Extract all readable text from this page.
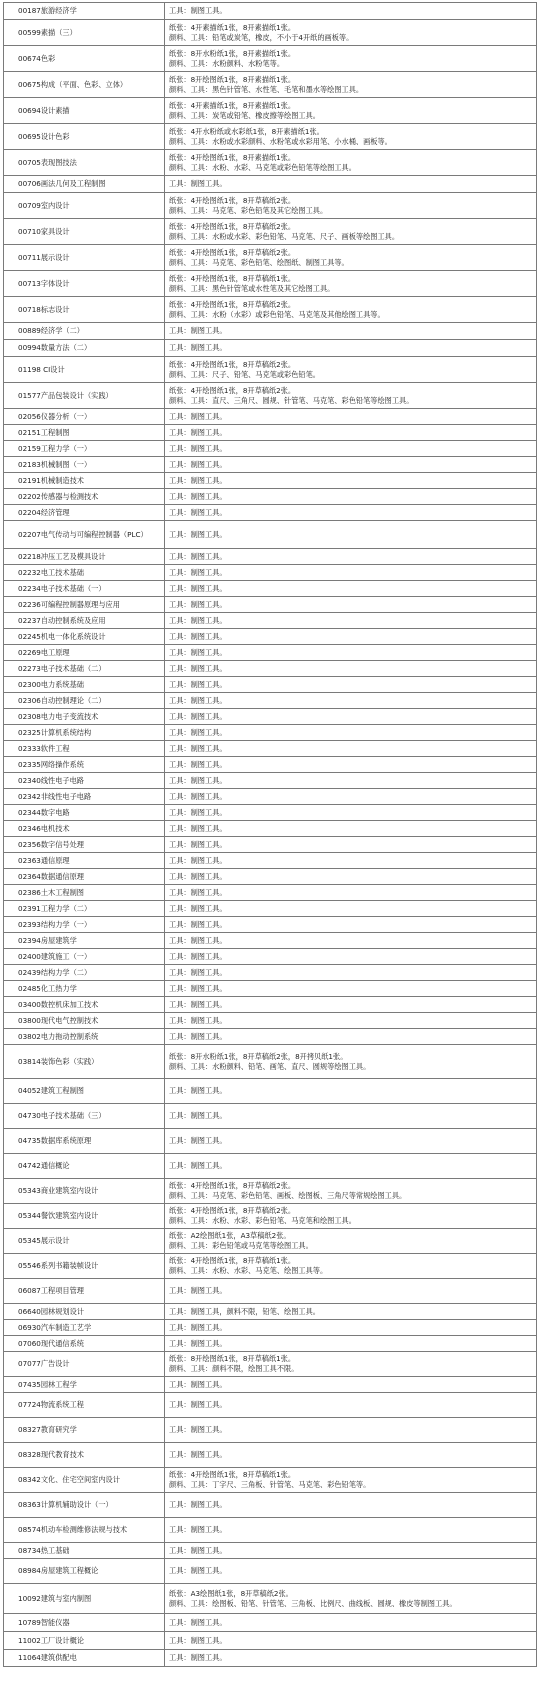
00187旅游经济学	工具：制图工具。
00599素描（三）	纸张：4开素描纸1张，8开素描纸1张。
颜料、工具：铅笔或炭笔，橡皮，不小于4开纸的画板等。
00674色彩	纸张：8开水粉纸1张，8开素描纸1张。
颜料、工具：水粉颜料、水粉笔等。
00675构成（平面、色彩、立体）	纸张：8开绘图纸1张，8开素描纸1张。
颜料、工具：黑色针管笔、水性笔、毛笔和墨水等绘图工具。
00694设计素描	纸张：4开素描纸1张，8开素描纸1张。
颜料、工具：炭笔或铅笔、橡皮擦等绘图工具。
00695设计色彩	纸张：4开水粉纸或水彩纸1张，8开素描纸1张。
颜料、工具：水粉或水彩颜料、水粉笔或水彩用笔、小水桶、画板等。
00705表现图技法	纸张：4开绘图纸1张，8开素描纸1张。
颜料、工具：水粉、水彩、马克笔或彩色铅笔等绘图工具。
00706画法几何及工程制图	工具：制图工具。
00709室内设计	纸张：4开绘图纸1张，8开草稿纸2张。
颜料、工具：马克笔、彩色铅笔及其它绘图工具。
00710家具设计	纸张：4开绘图纸1张，8开草稿纸2张。
颜料、工具：水粉或水彩、彩色铅笔、马克笔、尺子、画板等绘图工具。
00711展示设计	纸张：4开绘图纸1张，8开草稿纸2张。
颜料、工具：马克笔、彩色铅笔、绘图纸、制图工具等。
00713字体设计	纸张：4开绘图纸1张，8开草稿纸1张。
颜料、工具：黑色针管笔或水性笔及其它绘图工具。
00718标志设计	纸张：4开绘图纸1张，8开草稿纸2张。
颜料、工具：水粉（水彩）或彩色铅笔、马克笔及其他绘图工具等。
00889经济学（二）	工具：制图工具。
00994数量方法（二）	工具：制图工具。
01198 CI设计	纸张：4开绘图纸1张，8开草稿纸2张。
颜料、工具：尺子、铅笔、马克笔或彩色铅笔。
01577产品包装设计（实践）	纸张：4开绘图纸1张，8开草稿纸2张。
颜料、工具：直尺、三角尺、圆规、针管笔、马克笔、彩色铅笔等绘图工具。
02056仪器分析（一）	工具：制图工具。
02151工程制图	工具：制图工具。
02159工程力学（一）	工具：制图工具。
02183机械制图（一）	工具：制图工具。
02191机械制造技术	工具：制图工具。
02202传感器与检测技术	工具：制图工具。
02204经济管理	工具：制图工具。
02207电气传动与可编程控制器（PLC）	工具：制图工具。
02218冲压工艺及模具设计	工具：制图工具。
02232电工技术基础	工具：制图工具。
02234电子技术基础（一）	工具：制图工具。
02236可编程控制器原理与应用	工具：制图工具。
02237自动控制系统及应用	工具：制图工具。
02245机电一体化系统设计	工具：制图工具。
02269电工原理	工具：制图工具。
02273电子技术基础（二）	工具：制图工具。
02300电力系统基础	工具：制图工具。
02306自动控制理论（二）	工具：制图工具。
02308电力电子变流技术	工具：制图工具。
02325计算机系统结构	工具：制图工具。
02333软件工程	工具：制图工具。
02335网络操作系统	工具：制图工具。
02340线性电子电路	工具：制图工具。
02342非线性电子电路	工具：制图工具。
02344数字电路	工具：制图工具。
02346电机技术	工具：制图工具。
02356数字信号处理	工具：制图工具。
02363通信原理	工具：制图工具。
02364数据通信原理	工具：制图工具。
02386土木工程制图	工具：制图工具。
02391工程力学（二）	工具：制图工具。
02393结构力学（一）	工具：制图工具。
02394房屋建筑学	工具：制图工具。
02400建筑施工（一）	工具：制图工具。
02439结构力学（二）	工具：制图工具。
02485化工热力学	工具：制图工具。
03400数控机床加工技术	工具：制图工具。
03800现代电气控制技术	工具：制图工具。
03802电力拖动控制系统	工具：制图工具。
03814装饰色彩（实践）	纸张：8开水粉纸1张，8开草稿纸2张，8开拷贝纸1张。
颜料、工具：水粉颜料、铅笔、画笔、直尺、圆规等绘图工具。
04052建筑工程制图	工具：制图工具。
04730电子技术基础（三）	工具：制图工具。
04735数据库系统原理	工具：制图工具。
04742通信概论	工具：制图工具。
05343商业建筑室内设计	纸张：4开绘图纸1张，8开草稿纸2张。
颜料、工具：马克笔、彩色铅笔、画板、绘图板、三角尺等常规绘图工具。
05344餐饮建筑室内设计	纸张：4开绘图纸1张，8开草稿纸2张。
颜料、工具：水粉、水彩、彩色铅笔、马克笔和绘图工具。
05345展示设计	纸张：A2绘图纸1张，A3草稿纸2张。
颜料、工具：彩色铅笔或马克笔等绘图工具。
05546系列书籍装帧设计	纸张：4开绘图纸1张，8开草稿纸1张。
颜料、工具：水粉、水彩、马克笔、绘图工具等。
06087工程项目管理	工具：制图工具。
06640园林规划设计	工具：制图工具，颜料不限，铅笔、绘图工具。
06930汽车制造工艺学	工具：制图工具。
07060现代通信系统	工具：制图工具。
07077广告设计	纸张：8开绘图纸1张，8开草稿纸1张。
颜料、工具：颜料不限，绘图工具不限。
07435园林工程学	工具：制图工具。
07724物流系统工程	工具：制图工具。
08327教育研究学	工具：制图工具。
08328现代教育技术	工具：制图工具。
08342文化、住宅空间室内设计	纸张：4开绘图纸1张，8开草稿纸1张。
颜料、工具：丁字尺、三角板、针管笔、马克笔、彩色铅笔等。
08363计算机辅助设计（一）	工具：制图工具。
08574机动车检测维修法规与技术	工具：制图工具。
08734热工基础	工具：制图工具。
08984房屋建筑工程概论	工具：制图工具。
10092建筑与室内制图	纸张：A3绘图纸1张，8开草稿纸2张。
颜料、工具：绘图板、铅笔、针管笔、三角板、比例尺、曲线板、圆规、橡皮等制图工具。
10789智能仪器	工具：制图工具。
11002工厂设计概论	工具：制图工具。
11064建筑供配电	工具：制图工具。
